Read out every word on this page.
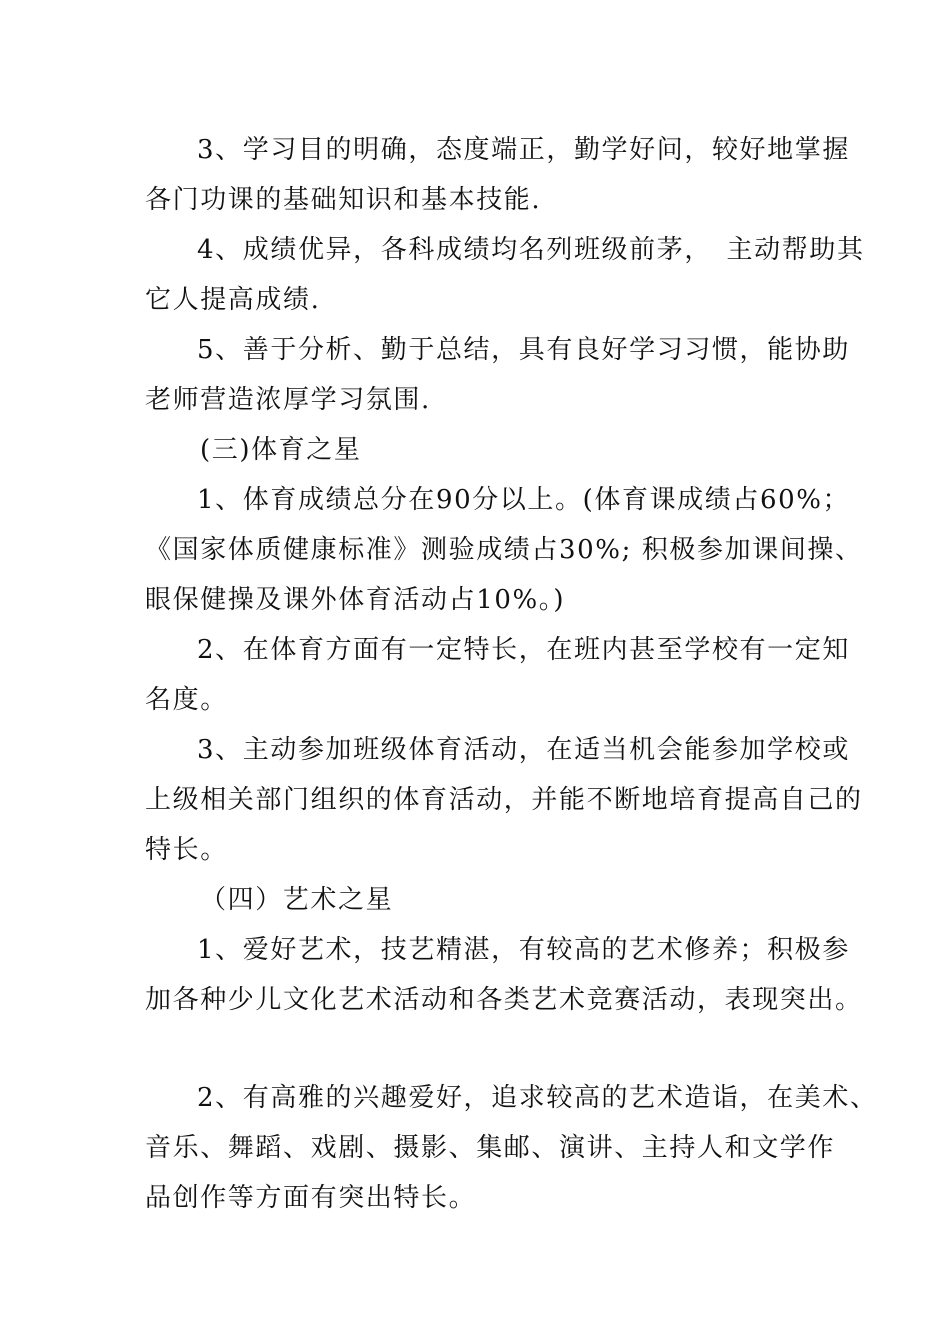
3、学习目的明确，态度端正，勤学好问，较好地掌握
各门功课的基础知识和基本技能.
4、成绩优异，各科成绩均名列班级前茅，　主动帮助其
它人提高成绩.
5、善于分析、勤于总结，具有良好学习习惯，能协助
老师营造浓厚学习氛围.
(三)体育之星
1、体育成绩总分在90分以上。(体育课成绩占60%；
《国家体质健康标准》测验成绩占30%; 积极参加课间操、
眼保健操及课外体育活动占10%。)
2、在体育方面有一定特长，在班内甚至学校有一定知
名度。
3、主动参加班级体育活动，在适当机会能参加学校或
上级相关部门组织的体育活动，并能不断地培育提高自己的
特长。
（四）艺术之星
1、爱好艺术，技艺精湛，有较高的艺术修养；积极参
加各种少儿文化艺术活动和各类艺术竞赛活动，表现突出。
2、有高雅的兴趣爱好，追求较高的艺术造诣，在美术、
音乐、舞蹈、戏剧、摄影、集邮、演讲、主持人和文学作
品创作等方面有突出特长。
